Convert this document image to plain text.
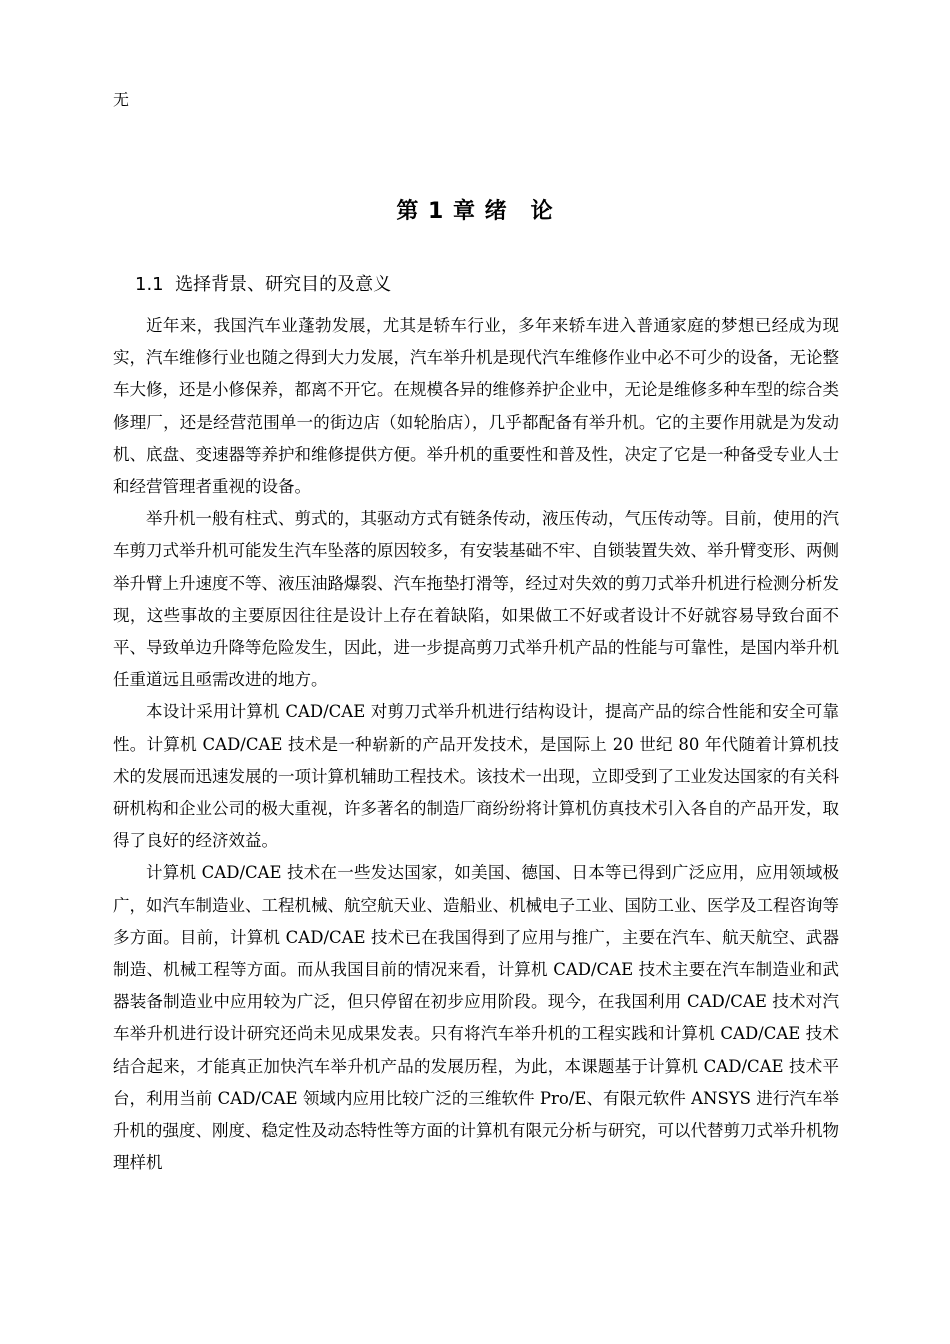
无
第 1 章 绪　论
1.1 选择背景、研究目的及意义

近年来，我国汽车业蓬勃发展，尤其是轿车行业，多年来轿车进入普通家庭的梦想已经成为现实，汽车维修行业也随之得到大力发展，汽车举升机是现代汽车维修作业中必不可少的设备，无论整车大修，还是小修保养，都离不开它。在规模各异的维修养护企业中，无论是维修多种车型的综合类修理厂，还是经营范围单一的街边店（如轮胎店），几乎都配备有举升机。它的主要作用就是为发动机、底盘、变速器等养护和维修提供方便。举升机的重要性和普及性，决定了它是一种备受专业人士和经营管理者重视的设备。

举升机一般有柱式、剪式的，其驱动方式有链条传动，液压传动，气压传动等。目前，使用的汽车剪刀式举升机可能发生汽车坠落的原因较多，有安装基础不牢、自锁装置失效、举升臂变形、两侧举升臂上升速度不等、液压油路爆裂、汽车拖垫打滑等，经过对失效的剪刀式举升机进行检测分析发现，这些事故的主要原因往往是设计上存在着缺陷，如果做工不好或者设计不好就容易导致台面不平、导致单边升降等危险发生，因此，进一步提高剪刀式举升机产品的性能与可靠性，是国内举升机任重道远且亟需改进的地方。

本设计采用计算机 CAD/CAE 对剪刀式举升机进行结构设计，提高产品的综合性能和安全可靠性。计算机 CAD/CAE 技术是一种崭新的产品开发技术，是国际上 20 世纪 80 年代随着计算机技术的发展而迅速发展的一项计算机辅助工程技术。该技术一出现，立即受到了工业发达国家的有关科研机构和企业公司的极大重视，许多著名的制造厂商纷纷将计算机仿真技术引入各自的产品开发，取得了良好的经济效益。

计算机 CAD/CAE 技术在一些发达国家，如美国、德国、日本等已得到广泛应用，应用领域极广，如汽车制造业、工程机械、航空航天业、造船业、机械电子工业、国防工业、医学及工程咨询等多方面。目前，计算机 CAD/CAE 技术已在我国得到了应用与推广，主要在汽车、航天航空、武器制造、机械工程等方面。而从我国目前的情况来看，计算机 CAD/CAE 技术主要在汽车制造业和武器装备制造业中应用较为广泛，但只停留在初步应用阶段。现今，在我国利用 CAD/CAE 技术对汽车举升机进行设计研究还尚未见成果发表。只有将汽车举升机的工程实践和计算机 CAD/CAE 技术结合起来，才能真正加快汽车举升机产品的发展历程，为此，本课题基于计算机 CAD/CAE 技术平台，利用当前 CAD/CAE 领域内应用比较广泛的三维软件 Pro/E、有限元软件 ANSYS 进行汽车举升机的强度、刚度、稳定性及动态特性等方面的计算机有限元分析与研究，可以代替剪刀式举升机物理样机
